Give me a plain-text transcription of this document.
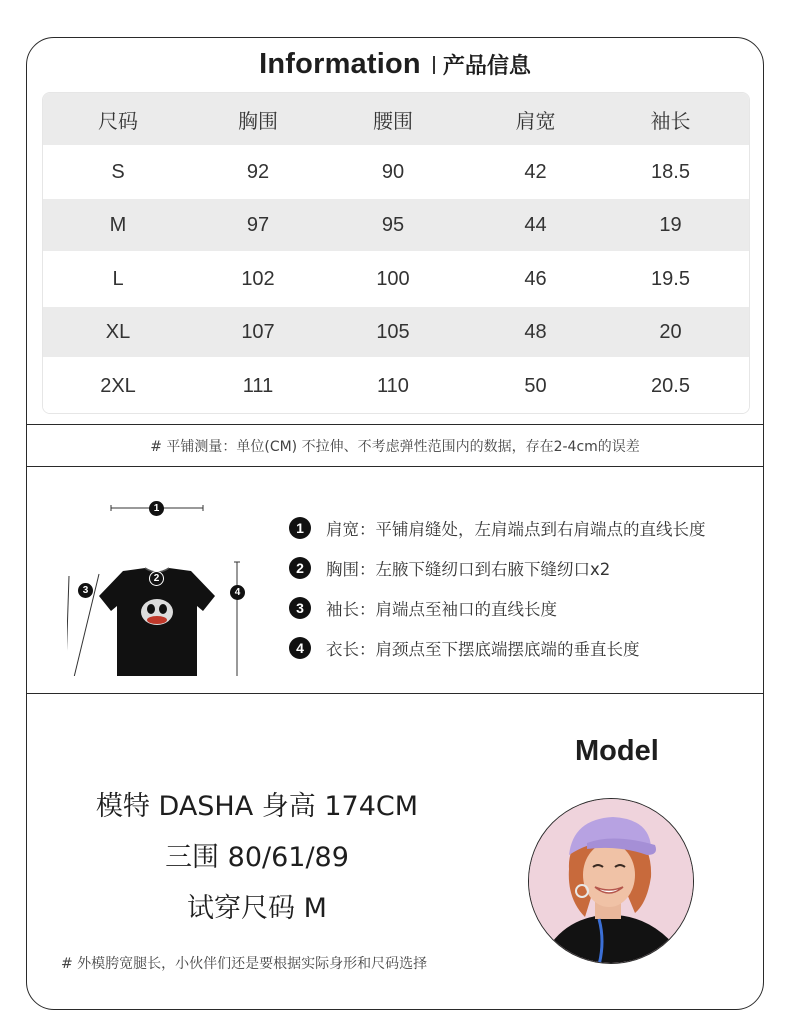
Information 产品信息
尺码	胸围	腰围	肩宽	袖长
S	92	90	42	18.5
M	97	95	44	19
L	102	100	46	19.5
XL	107	105	48	20
2XL	111	110	50	20.5
# 平铺测量：单位(CM) 不拉伸、不考虑弹性范围内的数据，存在2-4cm的误差
1
2
3	4
1	肩宽：平铺肩缝处，左肩端点到右肩端点的直线长度
2	胸围：左腋下缝纫口到右腋下缝纫口x2
3	袖长：肩端点至袖口的直线长度
4	衣长：肩颈点至下摆底端摆底端的垂直长度
Model
模特 DASHA 身高 174CM
三围 80/61/89
试穿尺码 M
# 外模胯宽腿长，小伙伴们还是要根据实际身形和尺码选择
